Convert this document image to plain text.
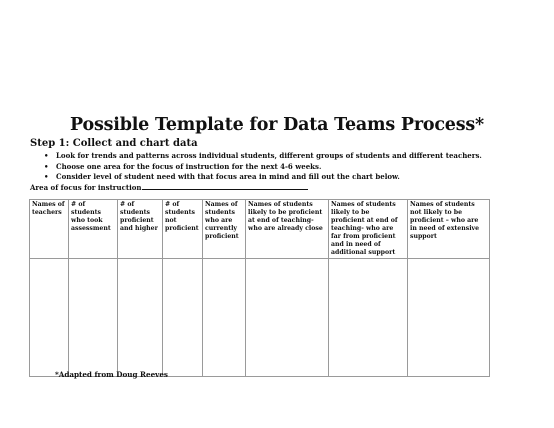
Possible Template for Data Teams Process*
Step 1: Collect and chart data
• Look for trends and patterns across individual students, different groups of students and different teachers.
• Choose one area for the focus of instruction for the next 4-6 weeks.
• Consider level of student need with that focus area in mind and fill out the chart below.
Area of focus for instruction
Names of teachers	# of students who took assessment	# of students proficient and higher	# of students not proficient	Names of students who are currently proficient	Names of students likely to be proficient at end of teaching- who are already close	Names of students likely to be proficient at end of teaching- who are far from proficient and in need of additional support	Names of students not likely to be proficient – who are in need of extensive support

*Adapted from Doug Reeves
